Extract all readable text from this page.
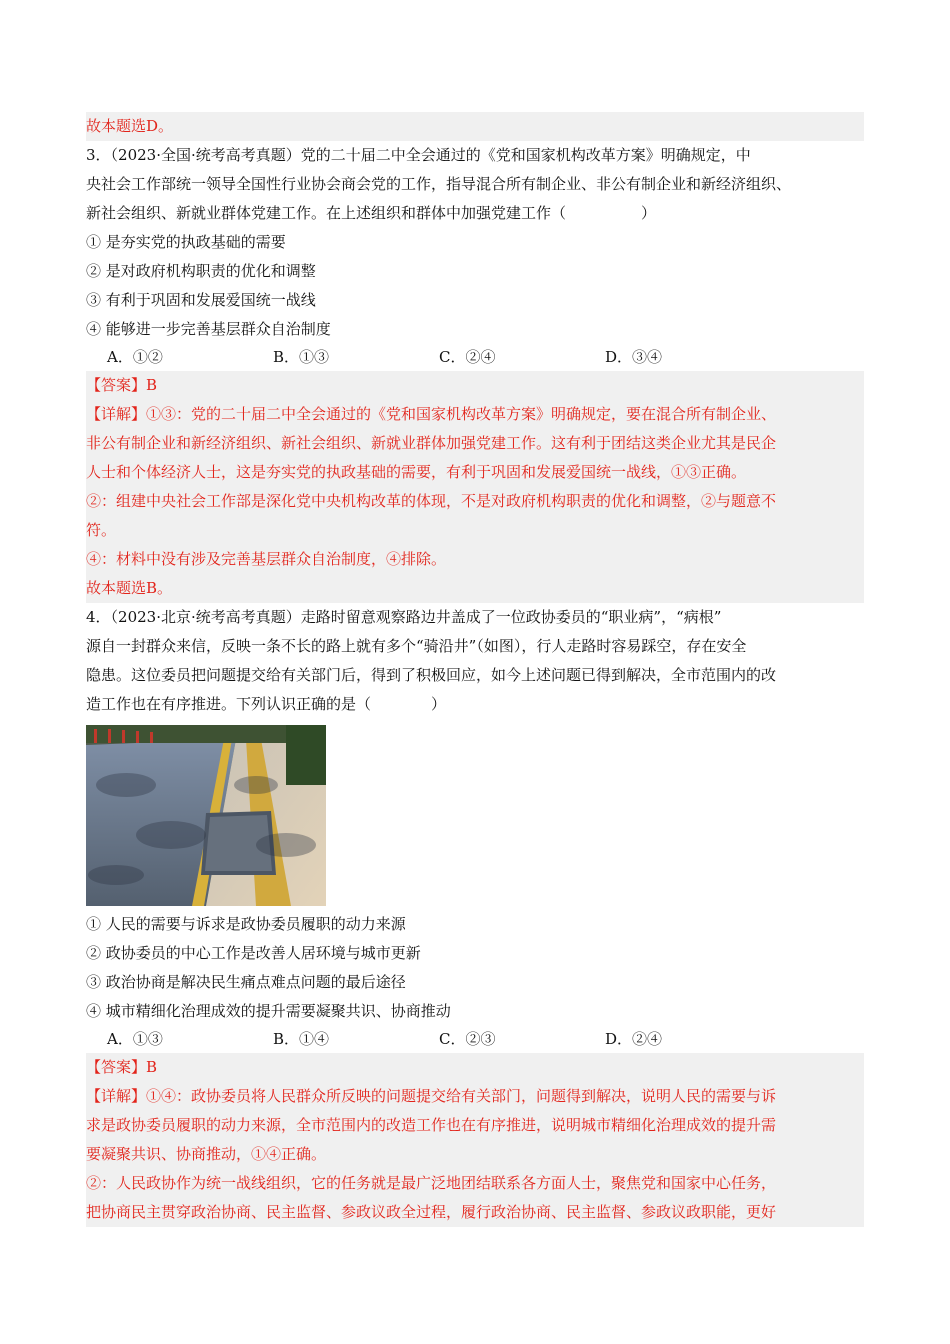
故本题选D。
3．（2023·全国·统考高考真题）党的二十届二中全会通过的《党和国家机构改革方案》明确规定，中
央社会工作部统一领导全国性行业协会商会党的工作，指导混合所有制企业、非公有制企业和新经济组织、
新社会组织、新就业群体党建工作。在上述组织和群体中加强党建工作（　　　　　）
① 是夯实党的执政基础的需要
② 是对政府机构职责的优化和调整
③ 有利于巩固和发展爱国统一战线
④ 能够进一步完善基层群众自治制度
A．①②	B．①③	C．②④	D．③④
【答案】B
【详解】①③：党的二十届二中全会通过的《党和国家机构改革方案》明确规定，要在混合所有制企业、
非公有制企业和新经济组织、新社会组织、新就业群体加强党建工作。这有利于团结这类企业尤其是民企
人士和个体经济人士，这是夯实党的执政基础的需要，有利于巩固和发展爱国统一战线，①③正确。
②：组建中央社会工作部是深化党中央机构改革的体现，不是对政府机构职责的优化和调整，②与题意不
符。
④：材料中没有涉及完善基层群众自治制度，④排除。
故本题选B。
4．（2023·北京·统考高考真题）走路时留意观察路边井盖成了一位政协委员的“职业病”，“病根”
源自一封群众来信，反映一条不长的路上就有多个“骑沿井”（如图），行人走路时容易踩空，存在安全
隐患。这位委员把问题提交给有关部门后，得到了积极回应，如今上述问题已得到解决，全市范围内的改
造工作也在有序推进。下列认识正确的是（　　　　）
① 人民的需要与诉求是政协委员履职的动力来源
② 政协委员的中心工作是改善人居环境与城市更新
③ 政治协商是解决民生痛点难点问题的最后途径
④ 城市精细化治理成效的提升需要凝聚共识、协商推动
A．①③	B．①④	C．②③	D．②④
【答案】B
【详解】①④：政协委员将人民群众所反映的问题提交给有关部门，问题得到解决，说明人民的需要与诉
求是政协委员履职的动力来源，全市范围内的改造工作也在有序推进，说明城市精细化治理成效的提升需
要凝聚共识、协商推动，①④正确。
②：人民政协作为统一战线组织，它的任务就是最广泛地团结联系各方面人士，聚焦党和国家中心任务，
把协商民主贯穿政治协商、民主监督、参政议政全过程，履行政治协商、民主监督、参政议政职能，更好
